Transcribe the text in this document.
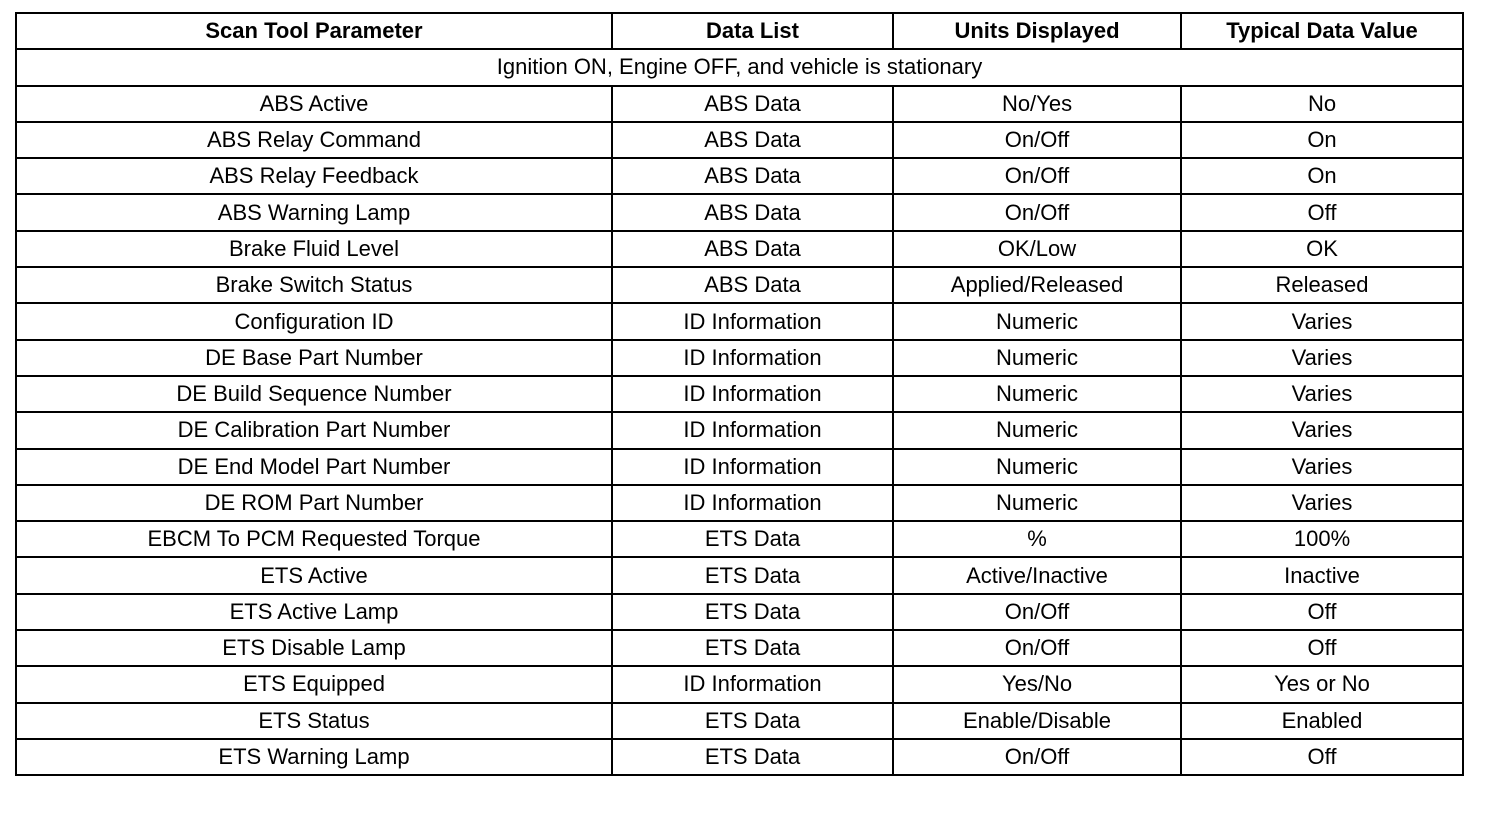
Scan Tool Parameter	Data List	Units Displayed	Typical Data Value
Ignition ON, Engine OFF, and vehicle is stationary			
ABS Active	ABS Data	No/Yes	No
ABS Relay Command	ABS Data	On/Off	On
ABS Relay Feedback	ABS Data	On/Off	On
ABS Warning Lamp	ABS Data	On/Off	Off
Brake Fluid Level	ABS Data	OK/Low	OK
Brake Switch Status	ABS Data	Applied/Released	Released
Configuration ID	ID Information	Numeric	Varies
DE Base Part Number	ID Information	Numeric	Varies
DE Build Sequence Number	ID Information	Numeric	Varies
DE Calibration Part Number	ID Information	Numeric	Varies
DE End Model Part Number	ID Information	Numeric	Varies
DE ROM Part Number	ID Information	Numeric	Varies
EBCM To PCM Requested Torque	ETS Data	%	100%
ETS Active	ETS Data	Active/Inactive	Inactive
ETS Active Lamp	ETS Data	On/Off	Off
ETS Disable Lamp	ETS Data	On/Off	Off
ETS Equipped	ID Information	Yes/No	Yes or No
ETS Status	ETS Data	Enable/Disable	Enabled
ETS Warning Lamp	ETS Data	On/Off	Off
